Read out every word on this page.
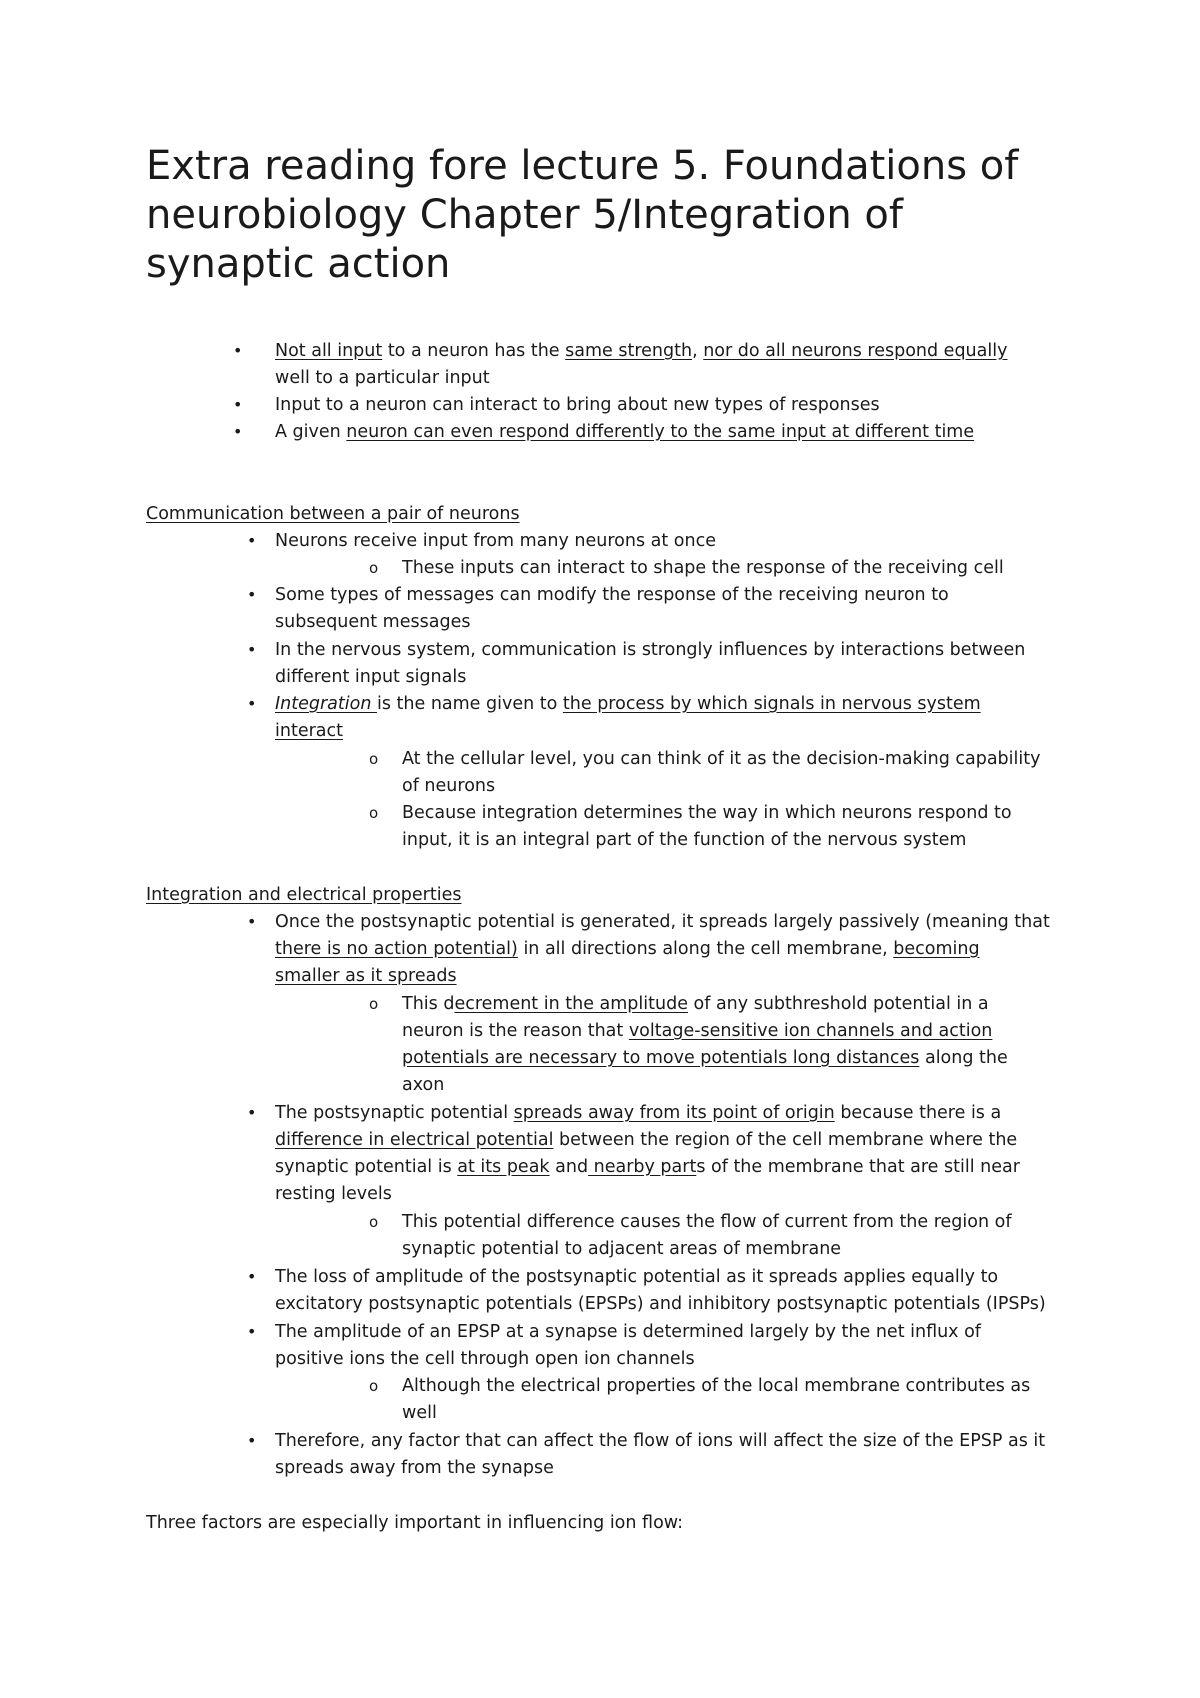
Extra reading fore lecture 5. Foundations of neurobiology Chapter 5/Integration of synaptic action
• Not all input to a neuron has the same strength, nor do all neurons respond equally
well to a particular input
• Input to a neuron can interact to bring about new types of responses
• A given neuron can even respond differently to the same input at different time
Communication between a pair of neurons
• Neurons receive input from many neurons at once
o These inputs can interact to shape the response of the receiving cell
• Some types of messages can modify the response of the receiving neuron to
subsequent messages
• In the nervous system, communication is strongly influences by interactions between
different input signals
• Integration is the name given to the process by which signals in nervous system
interact
o At the cellular level, you can think of it as the decision-making capability
of neurons
o Because integration determines the way in which neurons respond to
input, it is an integral part of the function of the nervous system
Integration and electrical properties
• Once the postsynaptic potential is generated, it spreads largely passively (meaning that
there is no action potential) in all directions along the cell membrane, becoming
smaller as it spreads
o This decrement in the amplitude of any subthreshold potential in a
neuron is the reason that voltage-sensitive ion channels and action
potentials are necessary to move potentials long distances along the
axon
• The postsynaptic potential spreads away from its point of origin because there is a
difference in electrical potential between the region of the cell membrane where the
synaptic potential is at its peak and nearby parts of the membrane that are still near
resting levels
o This potential difference causes the flow of current from the region of
synaptic potential to adjacent areas of membrane
• The loss of amplitude of the postsynaptic potential as it spreads applies equally to
excitatory postsynaptic potentials (EPSPs) and inhibitory postsynaptic potentials (IPSPs)
• The amplitude of an EPSP at a synapse is determined largely by the net influx of
positive ions the cell through open ion channels
o Although the electrical properties of the local membrane contributes as
well
• Therefore, any factor that can affect the flow of ions will affect the size of the EPSP as it
spreads away from the synapse
Three factors are especially important in influencing ion flow:
